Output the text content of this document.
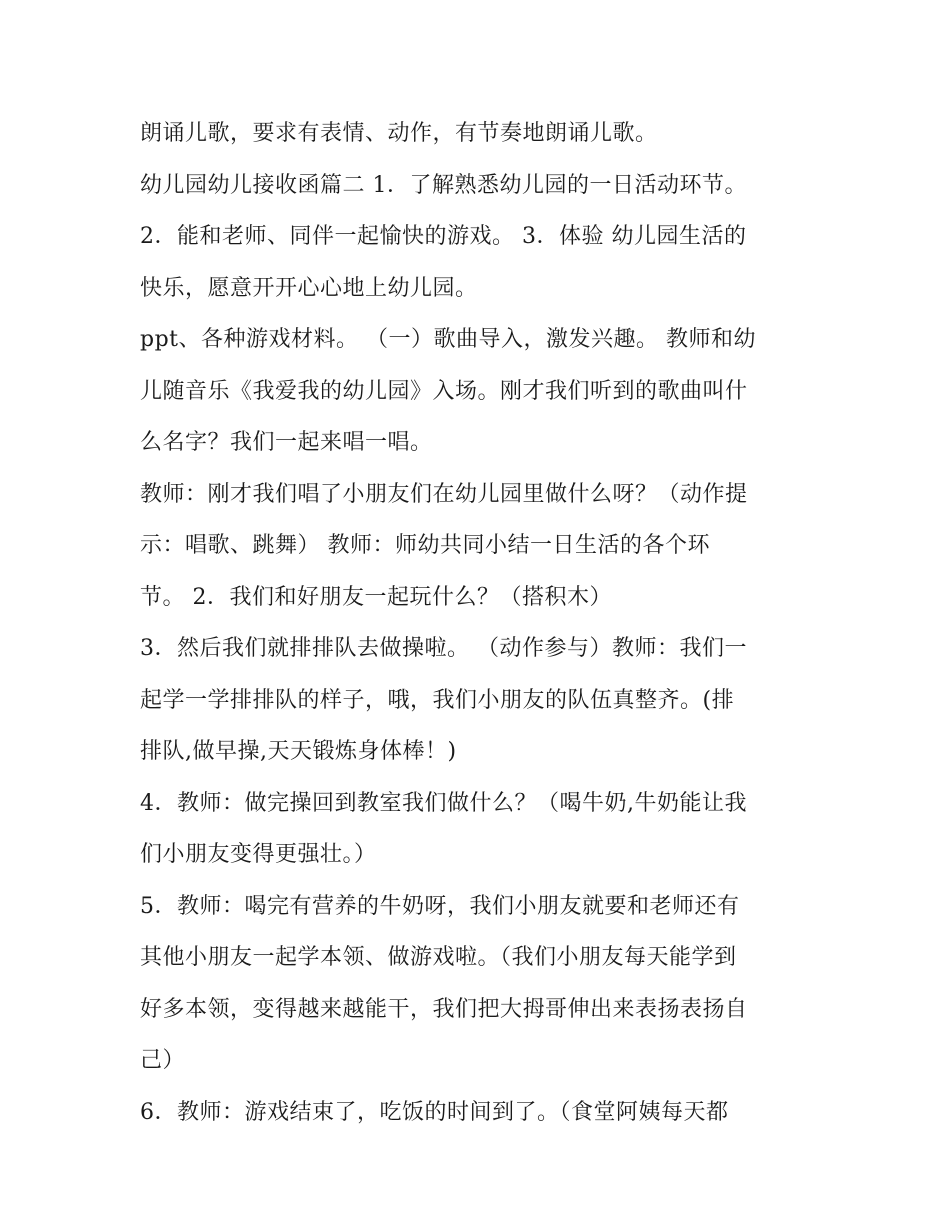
朗诵儿歌，要求有表情、动作，有节奏地朗诵儿歌。
幼儿园幼儿接收函篇二 1．了解熟悉幼儿园的一日活动环节。
2．能和老师、同伴一起愉快的游戏。 3．体验 幼儿园生活的
快乐，愿意开开心心地上幼儿园。
ppt、各种游戏材料。 （一）歌曲导入，激发兴趣。 教师和幼
儿随音乐《我爱我的幼儿园》入场。刚才我们听到的歌曲叫什
么名字？我们一起来唱一唱。
教师：刚才我们唱了小朋友们在幼儿园里做什么呀？（动作提
示：唱歌、跳舞） 教师：师幼共同小结一日生活的各个环
节。 2．我们和好朋友一起玩什么？（搭积木）
3．然后我们就排排队去做操啦。 （动作参与）教师：我们一
起学一学排排队的样子，哦，我们小朋友的队伍真整齐。(排
排队,做早操,天天锻炼身体棒！)
4．教师：做完操回到教室我们做什么？（喝牛奶,牛奶能让我
们小朋友变得更强壮。）
5．教师：喝完有营养的牛奶呀，我们小朋友就要和老师还有
其他小朋友一起学本领、做游戏啦。（我们小朋友每天能学到
好多本领，变得越来越能干，我们把大拇哥伸出来表扬表扬自
己）
6．教师：游戏结束了，吃饭的时间到了。（食堂阿姨每天都
